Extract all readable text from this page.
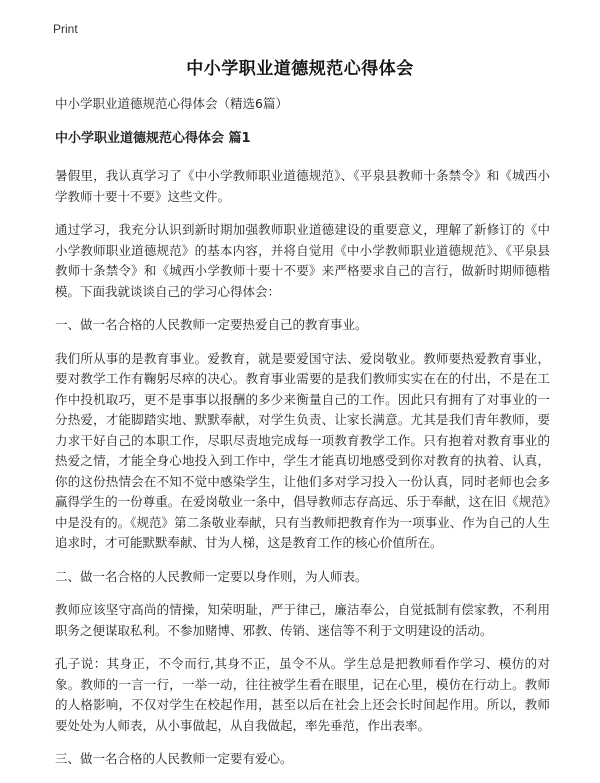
Print
中小学职业道德规范心得体会
中小学职业道德规范心得体会（精选6篇）
中小学职业道德规范心得体会 篇1

暑假里，我认真学习了《中小学教师职业道德规范》、《平泉县教师十条禁令》和《城西小学教师十要十不要》这些文件。

通过学习，我充分认识到新时期加强教师职业道德建设的重要意义，理解了新修订的《中小学教师职业道德规范》的基本内容，并将自觉用《中小学教师职业道德规范》、《平泉县教师十条禁令》和《城西小学教师十要十不要》来严格要求自己的言行，做新时期师德楷模。下面我就谈谈自己的学习心得体会：

一、做一名合格的人民教师一定要热爱自己的教育事业。

我们所从事的是教育事业。爱教育，就是要爱国守法、爱岗敬业。教师要热爱教育事业，要对教学工作有鞠躬尽瘁的决心。教育事业需要的是我们教师实实在在的付出，不是在工作中投机取巧，更不是事事以报酬的多少来衡量自己的工作。因此只有拥有了对事业的一分热爱，才能脚踏实地、默默奉献，对学生负责、让家长满意。尤其是我们青年教师，要力求干好自己的本职工作，尽职尽责地完成每一项教育教学工作。只有抱着对教育事业的热爱之情，才能全身心地投入到工作中，学生才能真切地感受到你对教育的执着、认真，你的这份热情会在不知不觉中感染学生，让他们多对学习投入一份认真，同时老师也会多赢得学生的一份尊重。在爱岗敬业一条中，倡导教师志存高远、乐于奉献，这在旧《规范》中是没有的。《规范》第二条敬业奉献，只有当教师把教育作为一项事业、作为自己的人生追求时，才可能默默奉献、甘为人梯，这是教育工作的核心价值所在。

二、做一名合格的人民教师一定要以身作则，为人师表。

教师应该坚守高尚的情操，知荣明耻，严于律己，廉洁奉公，自觉抵制有偿家教，不利用职务之便谋取私利。不参加赌博、邪教、传销、迷信等不利于文明建设的活动。

孔子说：其身正，不令而行,其身不正，虽令不从。学生总是把教师看作学习、模仿的对象。教师的一言一行，一举一动，往往被学生看在眼里，记在心里，模仿在行动上。教师的人格影响，不仅对学生在校起作用，甚至以后在社会上还会长时间起作用。所以，教师要处处为人师表，从小事做起，从自我做起，率先垂范，作出表率。

三、做一名合格的人民教师一定要有爱心。
